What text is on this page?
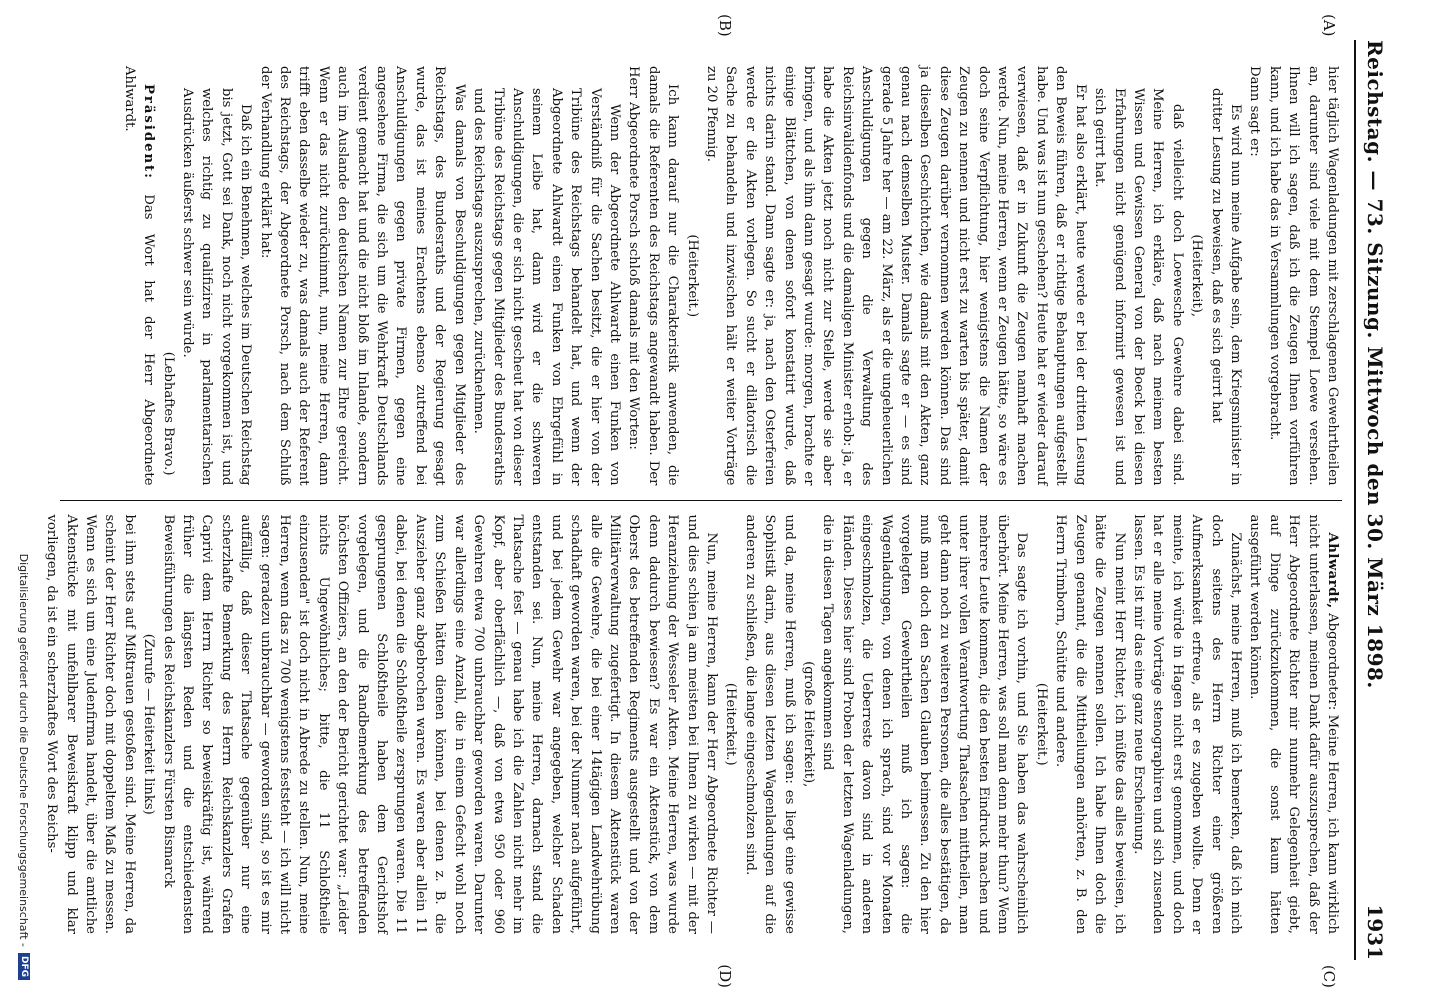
Reichstag. — 73. Sitzung. Mittwoch den 30. März 1898.
1931
(A)
(B)
(C)
(D)

hier täglich Wagenladungen mit zerschlagenen Gewehrtheilen an, darunter sind viele mit dem Stempel Loewe versehen. Ihnen will ich sagen, daß ich die Zeugen Ihnen vorführen kann, und ich habe das in Versammlungen vorgebracht.

Dann sagt er:

Es wird nun meine Aufgabe sein, dem Kriegsminister in dritter Lesung zu beweisen, daß es sich geirrt hat

(Heiterkeit),

daß vielleicht doch Loewesche Gewehre dabei sind. Meine Herren, ich erkläre, daß nach meinem besten Wissen und Gewissen General von der Boeck bei diesen Erfahrungen nicht genügend informirt gewesen ist und sich geirrt hat.

Er hat also erklärt, heute werde er bei der dritten Lesung den Beweis führen, daß er richtige Behauptungen aufgestellt habe. Und was ist nun geschehen? Heute hat er wieder darauf verwiesen, daß er in Zukunft die Zeugen namhaft machen werde. Nun, meine Herren, wenn er Zeugen hätte, so wäre es doch seine Verpflichtung, hier wenigstens die Namen der Zeugen zu nennen und nicht erst zu warten bis später, damit diese Zeugen darüber vernommen werden können. Das sind ja dieselben Geschichtchen, wie damals mit den Akten, ganz genau nach demselben Muster. Damals sagte er — es sind gerade 5 Jahre her — am 22. März, als er die ungeheuerlichen Anschuldigungen gegen die Verwaltung des Reichsinvalidenfonds und die damaligen Minister erhob: ja, er habe die Akten jetzt noch nicht zur Stelle, werde sie aber bringen, und als ihm dann gesagt wurde: morgen, brachte er einige Blättchen, von denen sofort konstatirt wurde, daß nichts darin stand. Dann sagte er: ja, nach den Osterferien werde er die Akten vorlegen. So sucht er dilatorisch die Sache zu behandeln und inzwischen hält er weiter Vorträge zu 20 Pfennig.

(Heiterkeit.)

Ich kann darauf nur die Charakteristik anwenden, die damals die Referenten des Reichstags angewandt haben. Der Herr Abgeordnete Porsch schloß damals mit den Worten:

Wenn der Abgeordnete Ahlwardt einen Funken von Verständniß für die Sachen besitzt, die er hier von der Tribüne des Reichstags behandelt hat, und wenn der Abgeordnete Ahlwardt einen Funken von Ehrgefühl in seinem Leibe hat, dann wird er die schweren Anschuldigungen, die er sich nicht gescheut hat von dieser Tribüne des Reichstags gegen Mitglieder des Bundesraths und des Reichstags auszusprechen, zurücknehmen.

Was damals von Beschuldigungen gegen Mitglieder des Reichstags, des Bundesraths und der Regierung gesagt wurde, das ist meines Erachtens ebenso zutreffend bei Anschuldigungen gegen private Firmen, gegen eine angesehene Firma, die sich um die Wehrkraft Deutschlands verdient gemacht hat und die nicht bloß im Inlande, sondern auch im Auslande den deutschen Namen zur Ehre gereicht. Wenn er das nicht zurücknimmt, nun, meine Herren, dann trifft eben dasselbe wieder zu, was damals auch der Referent des Reichstags, der Abgeordnete Porsch, nach dem Schluß der Verhandlung erklärt hat:

Daß ich ein Benehmen, welches im Deutschen Reichstag bis jetzt, Gott sei Dank, noch nicht vorgekommen ist, und welches richtig zu qualifiziren in parlamentarischen Ausdrücken äußerst schwer sein würde.

(Lebhaftes Bravo.)

Präsident: Das Wort hat der Herr Abgeordnete Ahlwardt.

Ahlwardt, Abgeordneter: Meine Herren, ich kann wirklich nicht unterlassen, meinen Dank dafür auszusprechen, daß der Herr Abgeordnete Richter mir nunmehr Gelegenheit giebt, auf Dinge zurückzukommen, die sonst kaum hätten ausgeführt werden können.

Zunächst, meine Herren, muß ich bemerken, daß ich mich doch seitens des Herrn Richter einer größeren Aufmerksamkeit erfreue, als er es zugeben wollte. Denn er meinte, ich würde in Hagen nicht erst genommen, und doch hat er alle meine Vorträge stenographiren und sich zusenden lassen. Es ist mir das eine ganz neue Erscheinung.

Nun meint Herr Richter, ich müßte das alles beweisen, ich hätte die Zeugen nennen sollen. Ich habe Ihnen doch die Zeugen genannt, die die Mittheilungen anhörten, z. B. den Herrn Trimborn, Schütte und andere.

(Heiterkeit.)

Das sagte ich vorhin, und Sie haben das wahrscheinlich überhört. Meine Herren, was soll man denn mehr thun? Wenn mehrere Leute kommen, die den besten Eindruck machen und unter ihrer vollen Verantwortung Thatsachen mittheilen, man geht dann noch zu weiteren Personen, die alles bestätigen, da muß man doch den Sachen Glauben beimessen. Zu den hier vorgelegten Gewehrtheilen muß ich sagen: die Wagenladungen, von denen ich sprach, sind vor Monaten eingeschmolzen, die Ueberreste davon sind in anderen Händen. Dieses hier sind Proben der letzten Wagenladungen, die in diesen Tagen angekommen sind

(große Heiterkeit),

und da, meine Herren, muß ich sagen: es liegt eine gewisse Sophistik darin, aus diesen letzten Wagenladungen auf die anderen zu schließen, die lange eingeschmolzen sind.

(Heiterkeit.)

Nun, meine Herren, kann der Herr Abgeordnete Richter — und dies schien ja am meisten bei Ihnen zu wirken — mit der Heranziehung der Wesseler Akten. Meine Herren, was wurde denn dadurch bewiesen? Es war ein Aktenstück, von dem Oberst des betreffenden Regiments ausgestellt und von der Militärverwaltung zugefertigt. In diesem Aktenstück waren alle die Gewehre, die bei einer 14tägigen Landwehrübung schadhaft geworden waren, bei der Nummer nach aufgeführt, und bei jedem Gewehr war angegeben, welcher Schaden entstanden sei. Nun, meine Herren, darnach stand die Thatsache fest — genau habe ich die Zahlen nicht mehr im Kopf, aber oberflächlich —, daß von etwa 950 oder 960 Gewehren etwa 700 unbrauchbar geworden waren. Darunter war allerdings eine Anzahl, die in einem Gefecht wohl noch zum Schießen hätten dienen können, bei denen z. B. die Auszieher ganz abgebrochen waren. Es waren aber allein 11 dabei, bei denen die Schloßtheile zersprungen waren. Die 11 gesprungenen Schloßtheile haben dem Gerichtshof vorgelegen, und die Randbemerkung des betreffenden höchsten Offiziers, an den der Bericht gerichtet war: „Leider nichts Ungewöhnliches; bitte, die 11 Schloßtheile einzusenden" ist doch nicht in Abrede zu stellen. Nun, meine Herren, wenn das zu 700 wenigstens feststeht — ich will nicht sagen: geradezu unbrauchbar — geworden sind, so ist es mir auffällig, daß dieser Thatsache gegenüber nur eine scherzhafte Bemerkung des Herrn Reichskanzlers Grafen Caprivi dem Herrn Richter so beweiskräftig ist, während früher die längsten Reden und die entschiedensten Beweisführungen des Reichskanzlers Fürsten Bismarck

(Zurufe — Heiterkeit links)

bei ihm stets auf Mißtrauen gestoßen sind. Meine Herren, da scheint der Herr Richter doch mit doppeltem Maß zu messen. Wenn es sich um eine Judenfirma handelt, über die amtliche Aktenstücke mit unfehlbarer Beweiskraft klipp und klar vorliegen, da ist ein scherzhaftes Wort des Reichs-

Digitalisierung gefördert durch die Deutsche Forschungsgemeinschaft -
DFG
